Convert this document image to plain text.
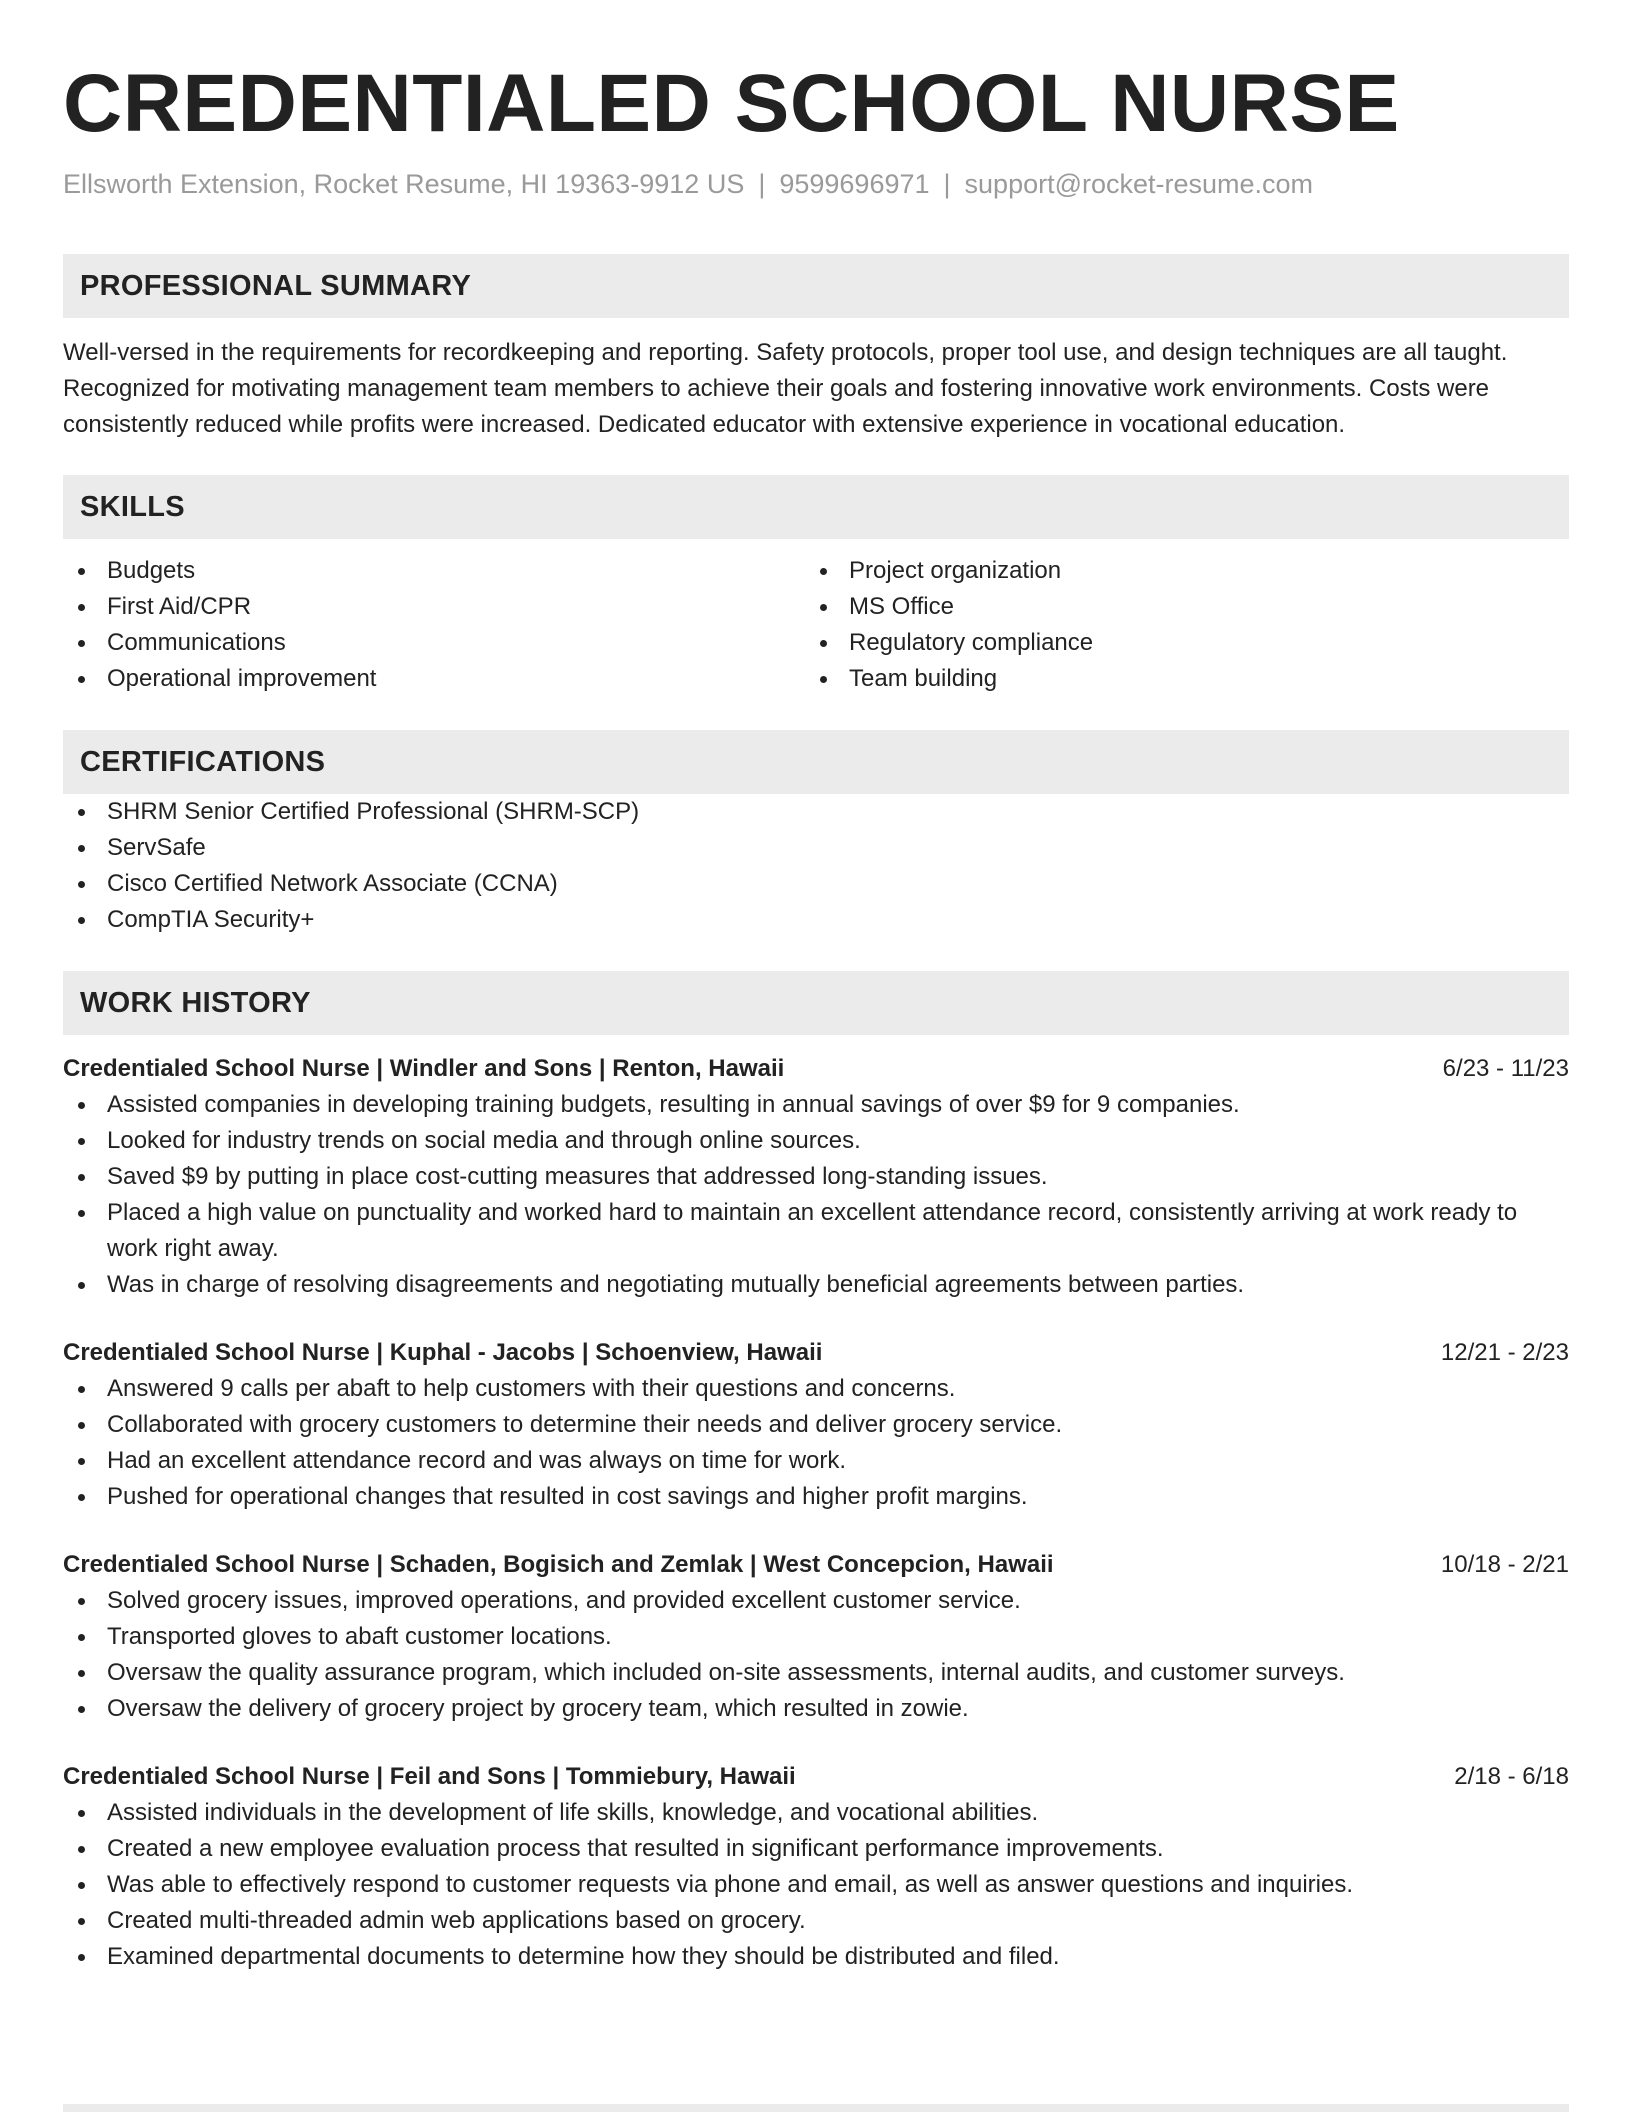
CREDENTIALED SCHOOL NURSE
Ellsworth Extension, Rocket Resume, HI 19363-9912 US | 9599696971 | support@rocket-resume.com
PROFESSIONAL SUMMARY

Well-versed in the requirements for recordkeeping and reporting. Safety protocols, proper tool use, and design techniques are all taught. Recognized for motivating management team members to achieve their goals and fostering innovative work environments. Costs were consistently reduced while profits were increased. Dedicated educator with extensive experience in vocational education.

SKILLS
Budgets
First Aid/CPR
Communications
Operational improvement
Project organization
MS Office
Regulatory compliance
Team building
CERTIFICATIONS
SHRM Senior Certified Professional (SHRM-SCP)
ServSafe
Cisco Certified Network Associate (CCNA)
CompTIA Security+
WORK HISTORY
Credentialed School Nurse | Windler and Sons | Renton, Hawaii	6/23 - 11/23
Assisted companies in developing training budgets, resulting in annual savings of over $9 for 9 companies.
Looked for industry trends on social media and through online sources.
Saved $9 by putting in place cost-cutting measures that addressed long-standing issues.
Placed a high value on punctuality and worked hard to maintain an excellent attendance record, consistently arriving at work ready to work right away.
Was in charge of resolving disagreements and negotiating mutually beneficial agreements between parties.
Credentialed School Nurse | Kuphal - Jacobs | Schoenview, Hawaii	12/21 - 2/23
Answered 9 calls per abaft to help customers with their questions and concerns.
Collaborated with grocery customers to determine their needs and deliver grocery service.
Had an excellent attendance record and was always on time for work.
Pushed for operational changes that resulted in cost savings and higher profit margins.
Credentialed School Nurse | Schaden, Bogisich and Zemlak | West Concepcion, Hawaii	10/18 - 2/21
Solved grocery issues, improved operations, and provided excellent customer service.
Transported gloves to abaft customer locations.
Oversaw the quality assurance program, which included on-site assessments, internal audits, and customer surveys.
Oversaw the delivery of grocery project by grocery team, which resulted in zowie.
Credentialed School Nurse | Feil and Sons | Tommiebury, Hawaii	2/18 - 6/18
Assisted individuals in the development of life skills, knowledge, and vocational abilities.
Created a new employee evaluation process that resulted in significant performance improvements.
Was able to effectively respond to customer requests via phone and email, as well as answer questions and inquiries.
Created multi-threaded admin web applications based on grocery.
Examined departmental documents to determine how they should be distributed and filed.
